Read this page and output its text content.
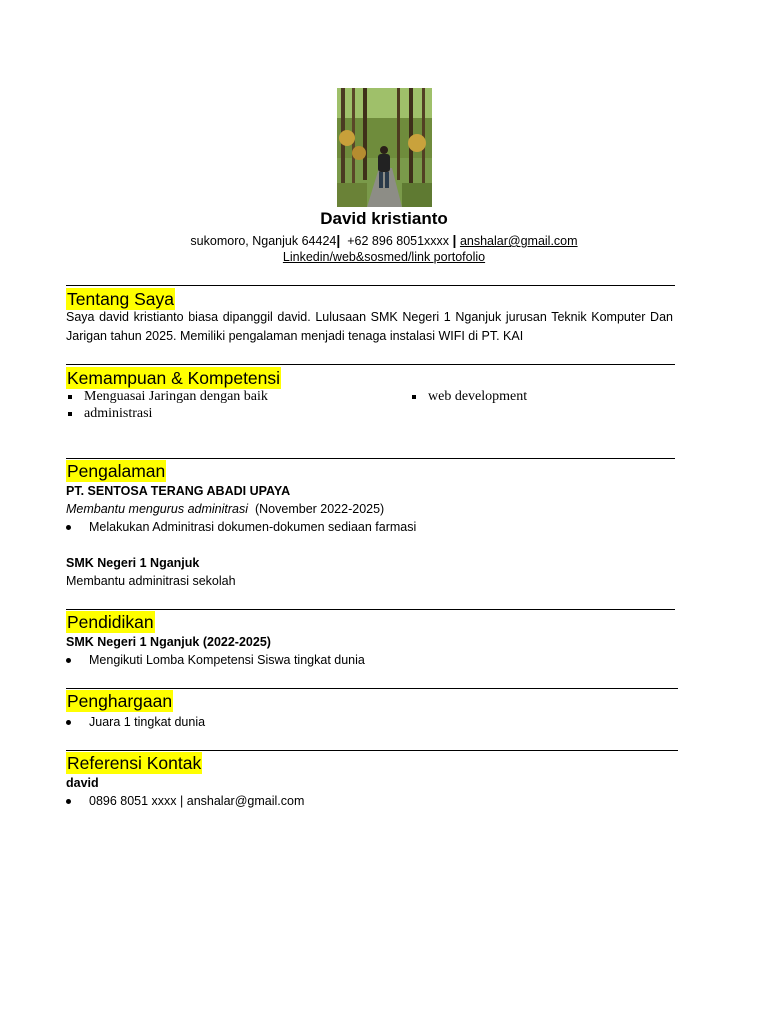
David kristianto
sukomoro, Nganjuk 64424| +62 896 8051xxxx | anshalar@gmail.com
Linkedin/web&sosmed/link portofolio
Tentang Saya
Saya david kristianto biasa dipanggil david. Lulusaan SMK Negeri 1 Nganjuk jurusan Teknik Komputer Dan Jarigan tahun 2025. Memiliki pengalaman menjadi tenaga instalasi WIFI di PT. KAI
Kemampuan & Kompetensi
Menguasai Jaringan dengan baik
administrasi
web development
Pengalaman
PT. SENTOSA TERANG ABADI UPAYA
Membantu mengurus adminitrasi (November 2022-2025)
Melakukan Adminitrasi dokumen-dokumen sediaan farmasi
SMK Negeri 1 Nganjuk
Membantu adminitrasi sekolah
Pendidikan
SMK Negeri 1 Nganjuk (2022-2025)
Mengikuti Lomba Kompetensi Siswa tingkat dunia
Penghargaan
Juara 1 tingkat dunia
Referensi Kontak
david
0896 8051 xxxx | anshalar@gmail.com
